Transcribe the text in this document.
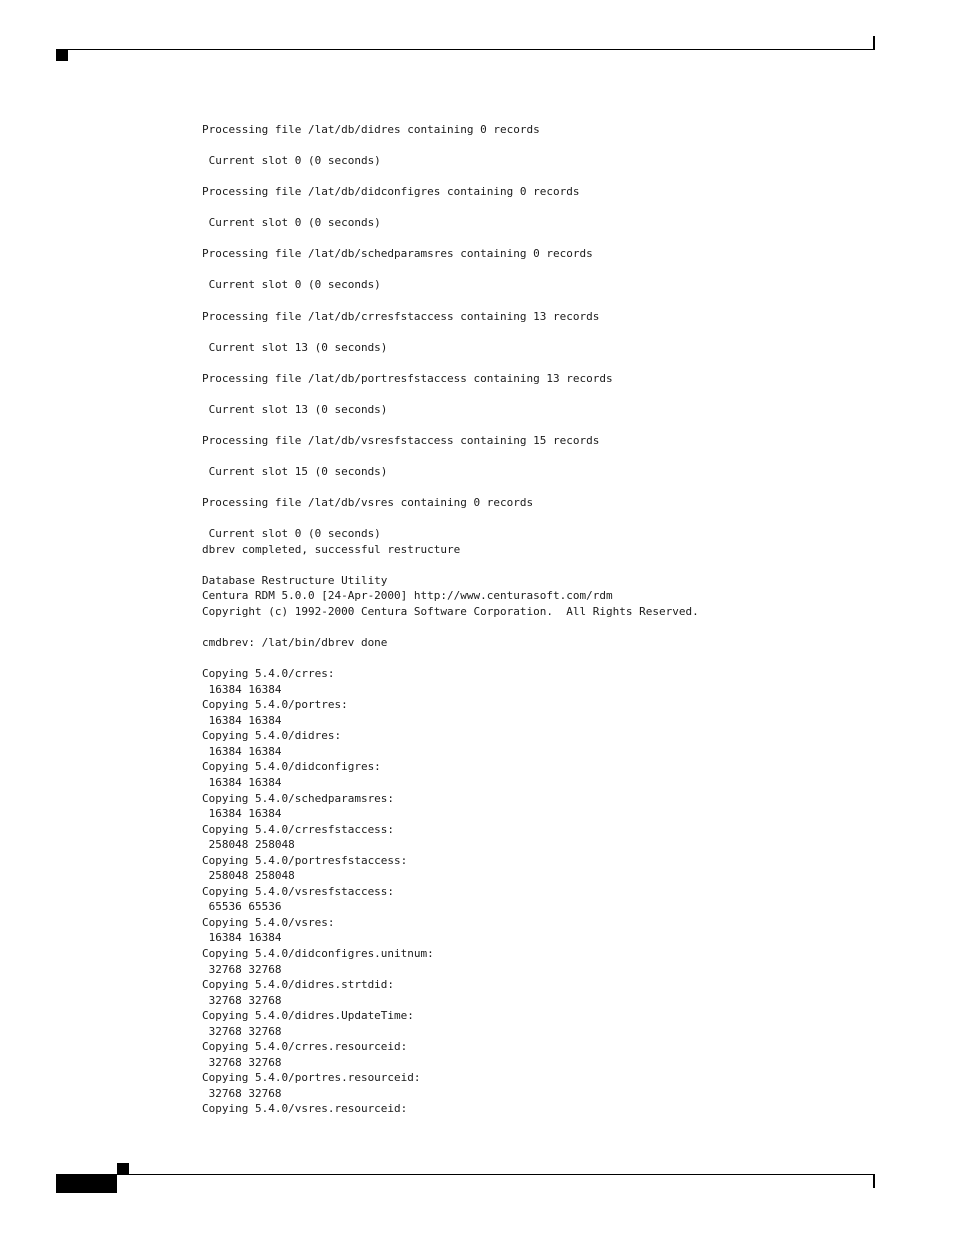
Processing file /lat/db/didres containing 0 records

Current slot 0 (0 seconds)

Processing file /lat/db/didconfigres containing 0 records

Current slot 0 (0 seconds)

Processing file /lat/db/schedparamsres containing 0 records

Current slot 0 (0 seconds)

Processing file /lat/db/crresfstaccess containing 13 records

Current slot 13 (0 seconds)

Processing file /lat/db/portresfstaccess containing 13 records

Current slot 13 (0 seconds)

Processing file /lat/db/vsresfstaccess containing 15 records

Current slot 15 (0 seconds)

Processing file /lat/db/vsres containing 0 records

Current slot 0 (0 seconds)
dbrev completed, successful restructure

Database Restructure Utility
Centura RDM 5.0.0 [24-Apr-2000] http://www.centurasoft.com/rdm
Copyright (c) 1992-2000 Centura Software Corporation.  All Rights Reserved.

cmdbrev: /lat/bin/dbrev done

Copying 5.4.0/crres:
16384 16384
Copying 5.4.0/portres:
16384 16384
Copying 5.4.0/didres:
16384 16384
Copying 5.4.0/didconfigres:
16384 16384
Copying 5.4.0/schedparamsres:
16384 16384
Copying 5.4.0/crresfstaccess:
258048 258048
Copying 5.4.0/portresfstaccess:
258048 258048
Copying 5.4.0/vsresfstaccess:
65536 65536
Copying 5.4.0/vsres:
16384 16384
Copying 5.4.0/didconfigres.unitnum:
32768 32768
Copying 5.4.0/didres.strtdid:
32768 32768
Copying 5.4.0/didres.UpdateTime:
32768 32768
Copying 5.4.0/crres.resourceid:
32768 32768
Copying 5.4.0/portres.resourceid:
32768 32768
Copying 5.4.0/vsres.resourceid:
